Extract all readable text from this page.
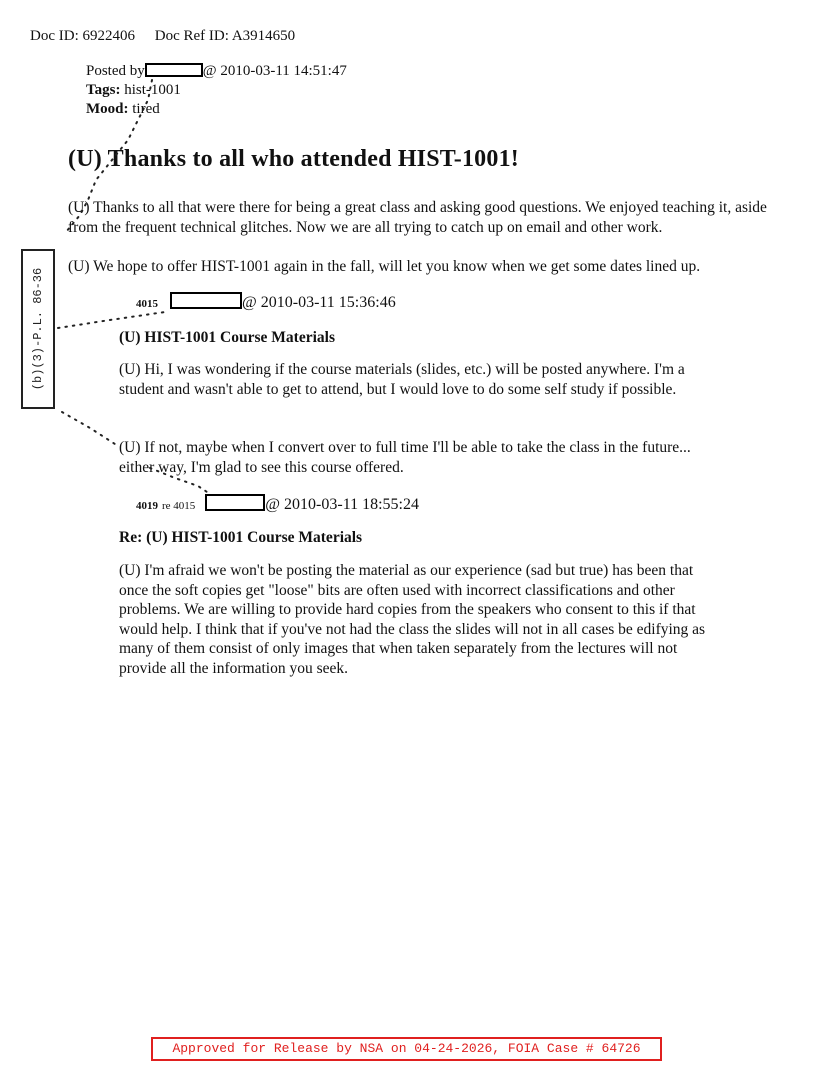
Doc ID: 6922406 Doc Ref ID: A3914650
Posted by	@ 2010-03-11 14:51:47
Tags: hist-1001
Mood: tired
(U) Thanks to all who attended HIST-1001!
(U) Thanks to all that were there for being a great class and asking good questions. We enjoyed teaching it, aside from the frequent technical glitches. Now we are all trying to catch up on email and other work.
(U) We hope to offer HIST-1001 again in the fall, will let you know when we get some dates lined up.
4015	@ 2010-03-11 15:36:46
(U) HIST-1001 Course Materials
(U) Hi, I was wondering if the course materials (slides, etc.) will be posted anywhere. I'm a student and wasn't able to get to attend, but I would love to do some self study if possible.
(U) If not, maybe when I convert over to full time I'll be able to take the class in the future... either way, I'm glad to see this course offered.
4019 re 4015	@ 2010-03-11 18:55:24
Re: (U) HIST-1001 Course Materials
(U) I'm afraid we won't be posting the material as our experience (sad but true) has been that once the soft copies get "loose" bits are often used with incorrect classifications and other problems. We are willing to provide hard copies from the speakers who consent to this if that would help. I think that if you've not had the class the slides will not in all cases be edifying as many of them consist of only images that when taken separately from the lectures will not provide all the information you seek.
(b)(3)-P.L. 86-36
Approved for Release by NSA on 04-24-2026, FOIA Case # 64726
